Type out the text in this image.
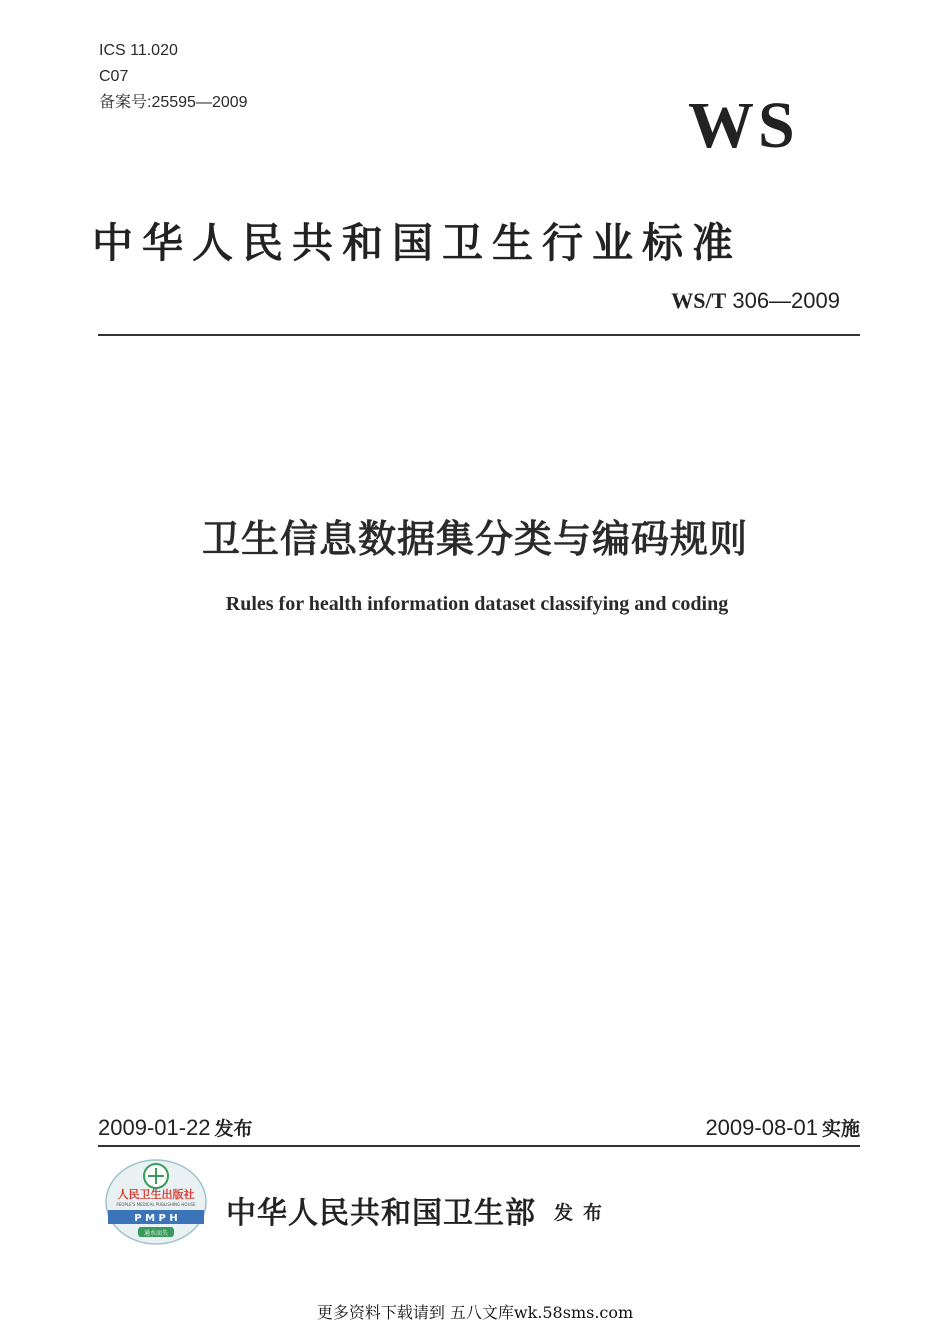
ICS 11.020
C07
备案号:25595—2009	WS
中华人民共和国卫生行业标准
WS/T 306—2009
卫生信息数据集分类与编码规则
Rules for health information dataset classifying and coding
2009-01-22 发布	2009-08-01 实施
人民卫生出版社
PEOPLE'S MEDICAL PUBLISHING HOUSE
P M P H
通水而失
中华人民共和国卫生部 发布
更多资料下载请到 五八文库wk.58sms.com
